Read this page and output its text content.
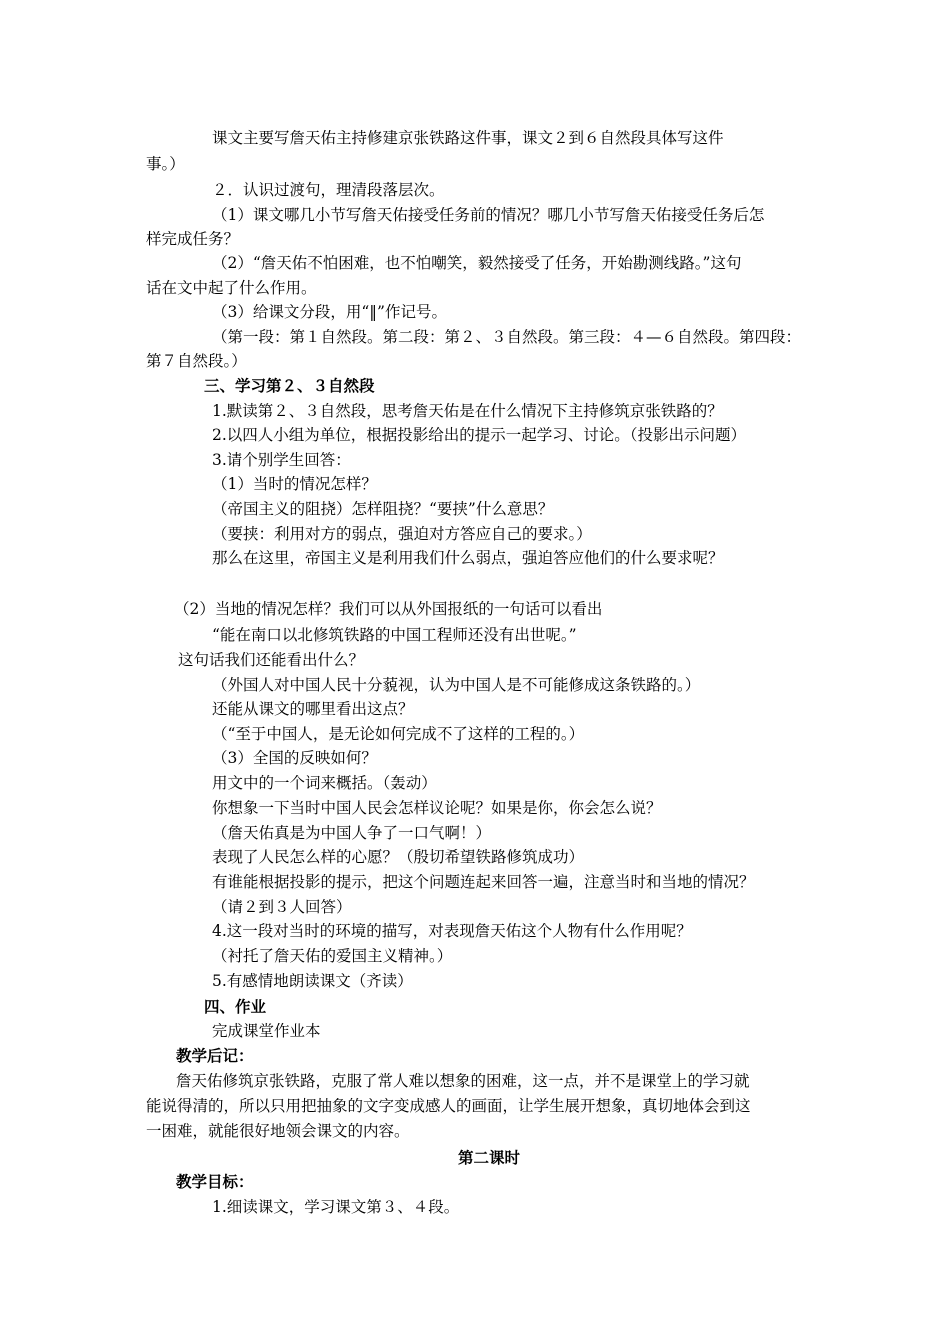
课文主要写詹天佑主持修建京张铁路这件事，课文２到６自然段具体写这件
事。）
２．认识过渡句，理清段落层次。
（1）课文哪几小节写詹天佑接受任务前的情况？哪几小节写詹天佑接受任务后怎
样完成任务？
（2）“詹天佑不怕困难，也不怕嘲笑，毅然接受了任务，开始勘测线路。”这句
话在文中起了什么作用。
（3）给课文分段，用“‖”作记号。
（第一段：第１自然段。第二段：第２、３自然段。第三段：４—６自然段。第四段：
第７自然段。）
三、学习第２、３自然段
1.默读第２、３自然段，思考詹天佑是在什么情况下主持修筑京张铁路的？
2.以四人小组为单位，根据投影给出的提示一起学习、讨论。（投影出示问题）
3.请个别学生回答：
（1）当时的情况怎样？
（帝国主义的阻挠）怎样阻挠？“要挟”什么意思？
（要挟：利用对方的弱点，强迫对方答应自己的要求。）
那么在这里，帝国主义是利用我们什么弱点，强迫答应他们的什么要求呢？
（2）当地的情况怎样？我们可以从外国报纸的一句话可以看出
“能在南口以北修筑铁路的中国工程师还没有出世呢。”
这句话我们还能看出什么？
（外国人对中国人民十分藐视，认为中国人是不可能修成这条铁路的。）
还能从课文的哪里看出这点？
（“至于中国人，是无论如何完成不了这样的工程的。）
（3）全国的反映如何？
用文中的一个词来概括。（轰动）
你想象一下当时中国人民会怎样议论呢？如果是你，你会怎么说？
（詹天佑真是为中国人争了一口气啊！）
表现了人民怎么样的心愿？（殷切希望铁路修筑成功）
有谁能根据投影的提示，把这个问题连起来回答一遍，注意当时和当地的情况？
（请２到３人回答）
4.这一段对当时的环境的描写，对表现詹天佑这个人物有什么作用呢？
（衬托了詹天佑的爱国主义精神。）
5.有感情地朗读课文（齐读）
四、作业
完成课堂作业本
教学后记：
詹天佑修筑京张铁路，克服了常人难以想象的困难，这一点，并不是课堂上的学习就
能说得清的，所以只用把抽象的文字变成感人的画面，让学生展开想象，真切地体会到这
一困难，就能很好地领会课文的内容。
第二课时
教学目标：
1.细读课文，学习课文第３、４段。
